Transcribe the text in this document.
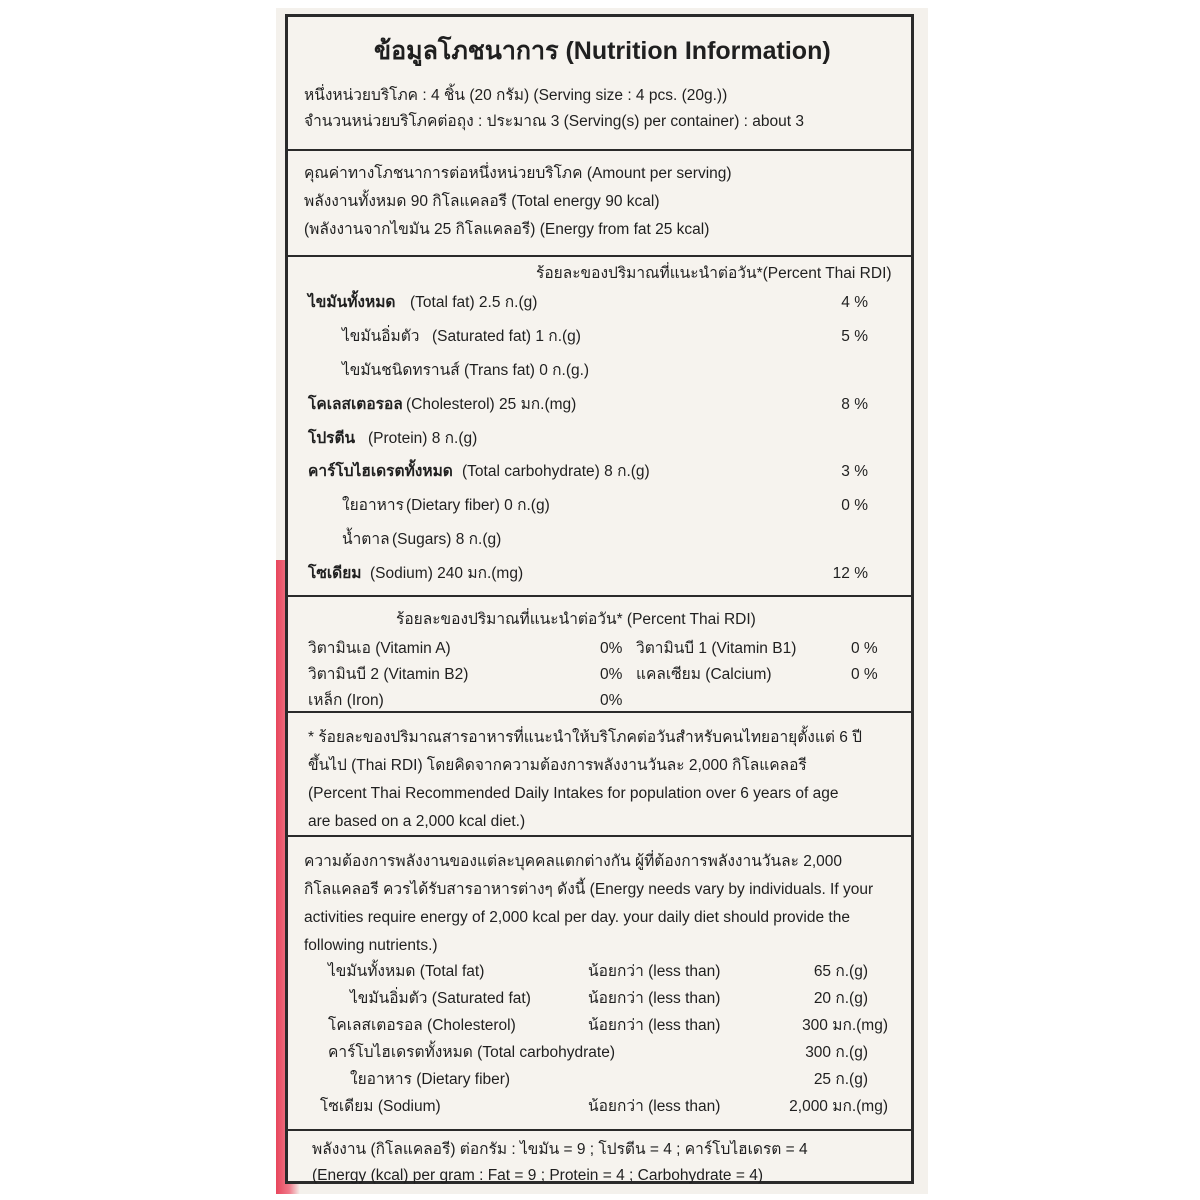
ข้อมูลโภชนาการ (Nutrition Information)
หนึ่งหน่วยบริโภค : 4 ชิ้น (20 กรัม) (Serving size : 4 pcs. (20g.))
จำนวนหน่วยบริโภคต่อถุง : ประมาณ 3 (Serving(s) per container) : about 3
คุณค่าทางโภชนาการต่อหนึ่งหน่วยบริโภค (Amount per serving)
พลังงานทั้งหมด 90 กิโลแคลอรี (Total energy 90 kcal)
(พลังงานจากไขมัน 25 กิโลแคลอรี) (Energy from fat 25 kcal)
ร้อยละของปริมาณที่แนะนำต่อวัน*(Percent Thai RDI)
ไขมันทั้งหมด (Total fat) 2.5 ก.(g)	4 %
ไขมันอิ่มตัว (Saturated fat) 1 ก.(g)	5 %
ไขมันชนิดทรานส์ (Trans fat) 0 ก.(g.)
โคเลสเตอรอล (Cholesterol) 25 มก.(mg)	8 %
โปรตีน (Protein) 8 ก.(g)
คาร์โบไฮเดรตทั้งหมด (Total carbohydrate) 8 ก.(g)	3 %
ใยอาหาร (Dietary fiber) 0 ก.(g)	0 %
น้ำตาล (Sugars) 8 ก.(g)
โซเดียม (Sodium) 240 มก.(mg)	12 %
ร้อยละของปริมาณที่แนะนำต่อวัน* (Percent Thai RDI)
วิตามินเอ (Vitamin A)	0% วิตามินบี 1 (Vitamin B1)	0 %
วิตามินบี 2 (Vitamin B2)	0% แคลเซียม (Calcium)	0 %
เหล็ก (Iron)	0%
* ร้อยละของปริมาณสารอาหารที่แนะนำให้บริโภคต่อวันสำหรับคนไทยอายุตั้งแต่ 6 ปี
ขึ้นไป (Thai RDI) โดยคิดจากความต้องการพลังงานวันละ 2,000 กิโลแคลอรี
(Percent Thai Recommended Daily Intakes for population over 6 years of age
are based on a 2,000 kcal diet.)
ความต้องการพลังงานของแต่ละบุคคลแตกต่างกัน ผู้ที่ต้องการพลังงานวันละ 2,000
กิโลแคลอรี ควรได้รับสารอาหารต่างๆ ดังนี้ (Energy needs vary by individuals. If your
activities require energy of 2,000 kcal per day. your daily diet should provide the
following nutrients.)
ไขมันทั้งหมด (Total fat)	น้อยกว่า (less than)	65 ก.(g)
ไขมันอิ่มตัว (Saturated fat)	น้อยกว่า (less than)	20 ก.(g)
โคเลสเตอรอล (Cholesterol)	น้อยกว่า (less than)	300 มก.(mg)
คาร์โบไฮเดรตทั้งหมด (Total carbohydrate)	300 ก.(g)
ใยอาหาร (Dietary fiber)	25 ก.(g)
โซเดียม (Sodium)	น้อยกว่า (less than)	2,000 มก.(mg)
พลังงาน (กิโลแคลอรี) ต่อกรัม : ไขมัน = 9 ; โปรตีน = 4 ; คาร์โบไฮเดรต = 4
(Energy (kcal) per gram : Fat = 9 ; Protein = 4 ; Carbohydrate = 4)
